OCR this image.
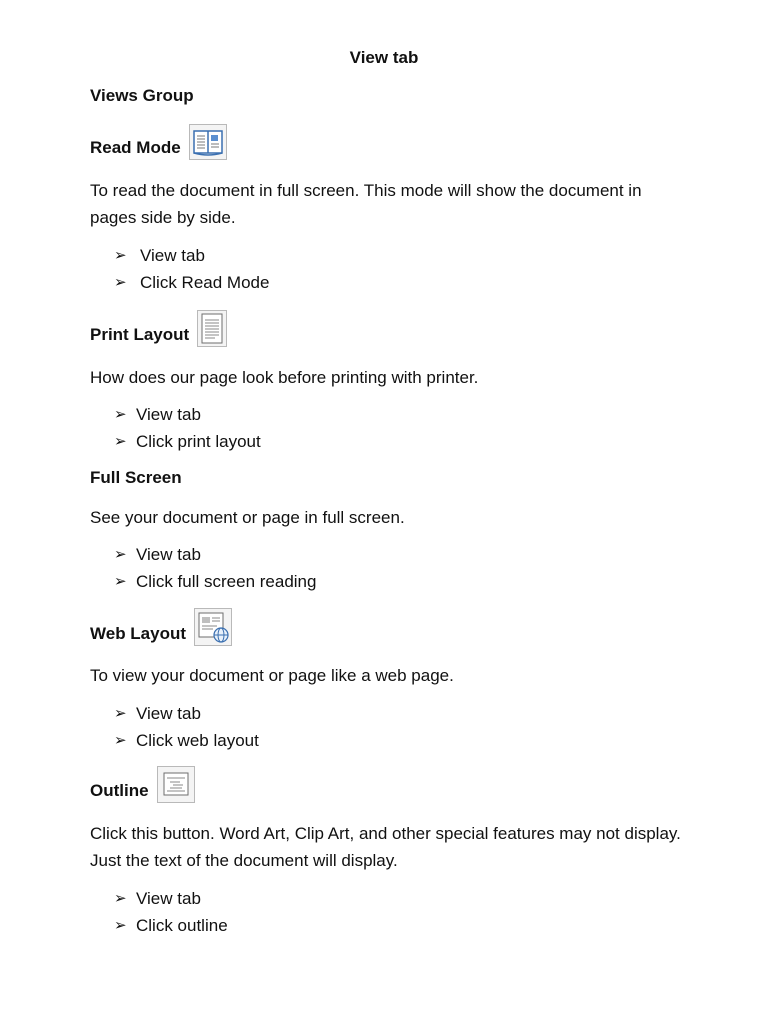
View tab
Views Group
Read Mode
To read the document in full screen. This mode will show the document in pages side by side.
➢ View tab
➢ Click Read Mode
Print Layout
How does our page look before printing with printer.
➢ View tab
➢ Click print layout
Full Screen
See your document or page in full screen.
➢ View tab
➢ Click full screen reading
Web Layout
To view your document or page like a web page.
➢ View tab
➢ Click web layout
Outline
Click this button. Word Art, Clip Art, and other special features may not display. Just the text of the document will display.
➢ View tab
➢ Click outline
